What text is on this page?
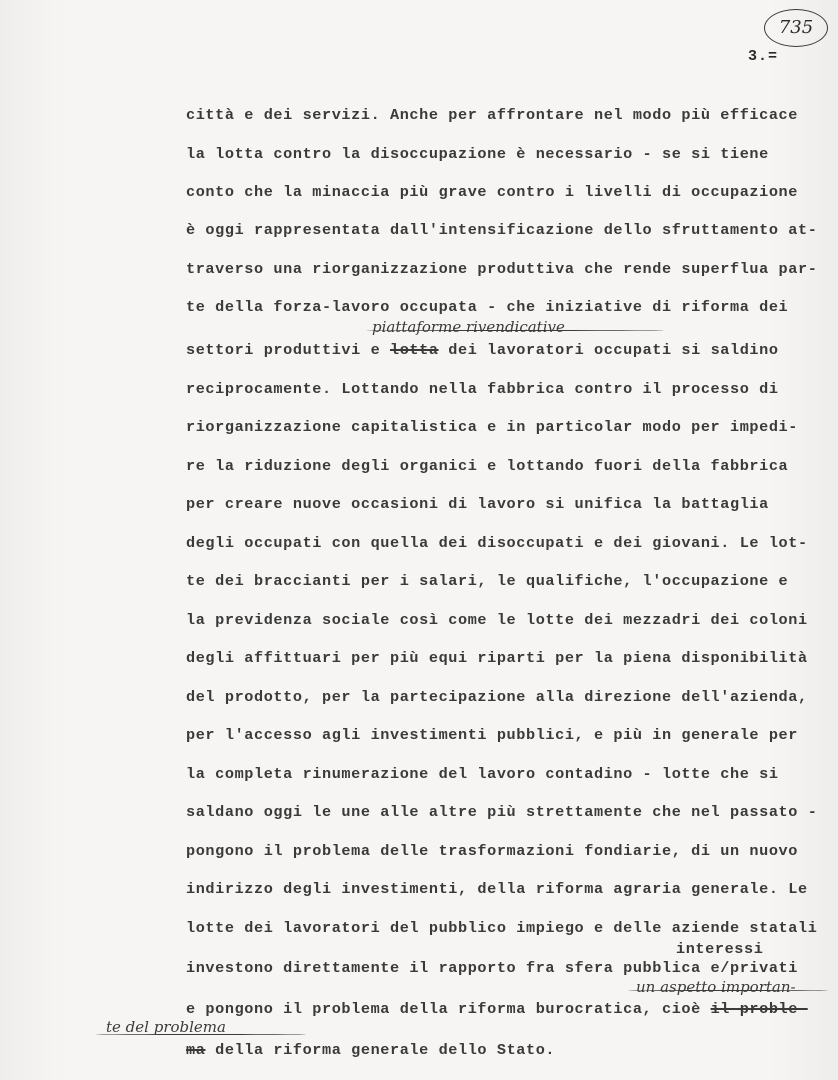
735
3.=
città e dei servizi. Anche per affrontare nel modo più efficace
la lotta contro la disoccupazione è necessario - se si tiene
conto che la minaccia più grave contro i livelli di occupazione
è oggi rappresentata dall'intensificazione dello sfruttamento at-
traverso una riorganizzazione produttiva che rende superflua par-
te della forza-lavoro occupata - che iniziative di riforma dei
piattaforme rivendicative
settori produttivi e lotta dei lavoratori occupati si saldino
reciprocamente. Lottando nella fabbrica contro il processo di
riorganizzazione capitalistica e in particolar modo per impedi-
re la riduzione degli organici e lottando fuori della fabbrica
per creare nuove occasioni di lavoro si unifica la battaglia
degli occupati con quella dei disoccupati e dei giovani. Le lot-
te dei braccianti per i salari, le qualifiche, l'occupazione e
la previdenza sociale così come le lotte dei mezzadri dei coloni
degli affittuari per più equi riparti per la piena disponibilità
del prodotto, per la partecipazione alla direzione dell'azienda,
per l'accesso agli investimenti pubblici, e più in generale per
la completa rinumerazione del lavoro contadino - lotte che si
saldano oggi le une alle altre più strettamente che nel passato -
pongono il problema delle trasformazioni fondiarie, di un nuovo
indirizzo degli investimenti, della riforma agraria generale. Le
lotte dei lavoratori del pubblico impiego e delle aziende statali
interessi
investono direttamente il rapporto fra sfera pubblica e/privati
un aspetto importan-
e pongono il problema della riforma burocratica, cioè il proble-
te del problema
ma della riforma generale dello Stato.
